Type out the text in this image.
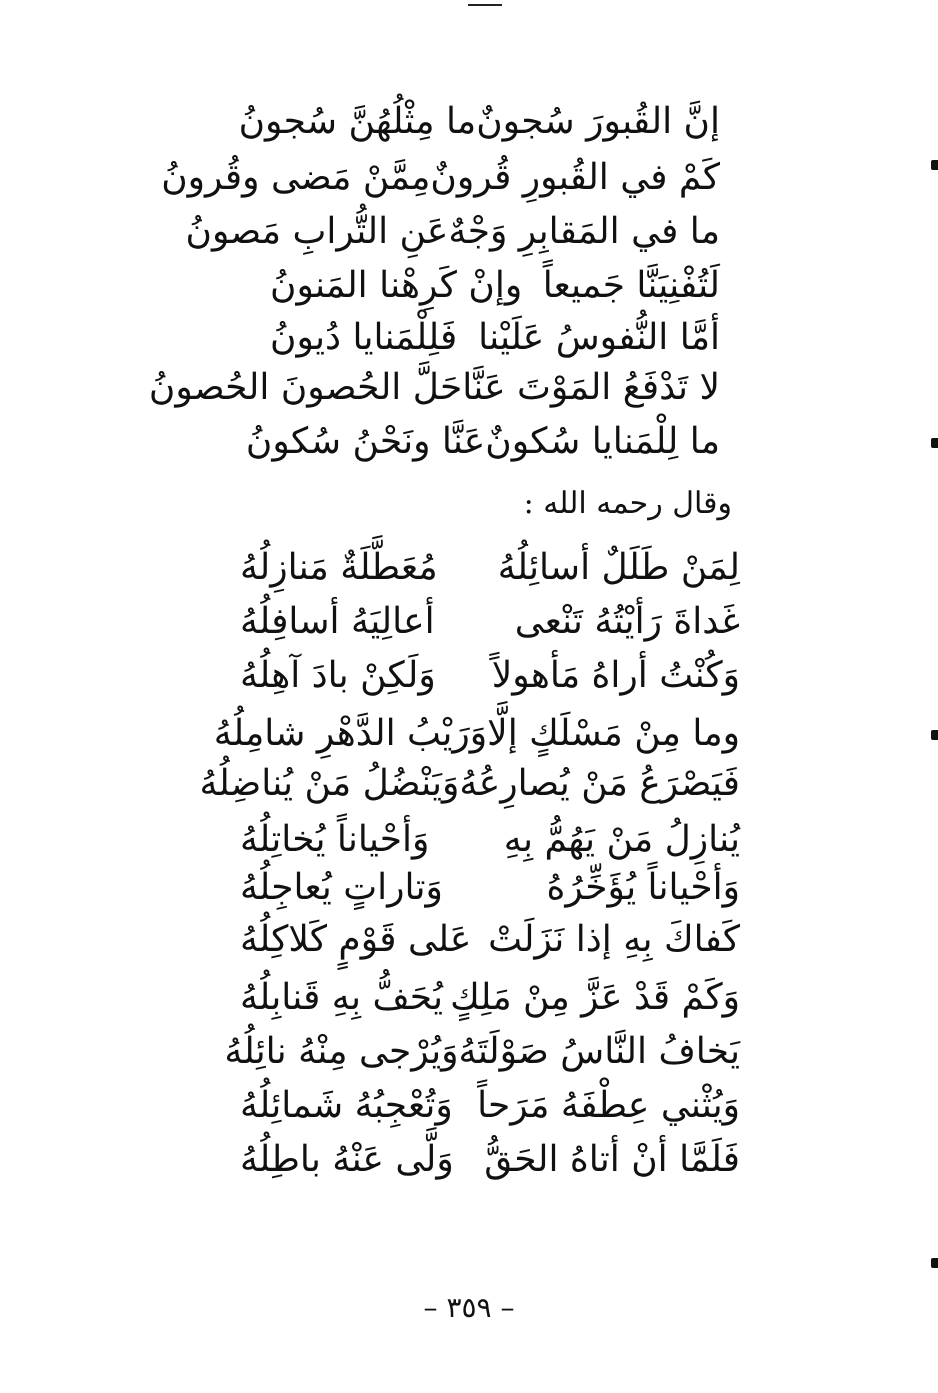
إنَّ القُبورَ سُجونٌ
ما مِثْلُهُنَّ سُجونُ
كَمْ في القُبورِ قُرونٌ
مِمَّنْ مَضى وقُرونُ
ما في المَقابِرِ وَجْهٌ
عَنِ التُّرابِ مَصونُ
لَتُفْنِيَنَّا جَميعاً
وإنْ كَرِهْنا المَنونُ
أمَّا النُّفوسُ عَلَيْنا
فَلِلْمَنايا دُيونُ
لا تَدْفَعُ المَوْتَ عَنَّا
حَلَّ الحُصونَ الحُصونُ
ما لِلْمَنايا سُكونٌ
عَنَّا ونَحْنُ سُكونُ
وقال رحمه الله :
لِمَنْ طَلَلٌ أسائِلُهُ
مُعَطَّلَةٌ مَنازِلُهُ
غَداةَ رَأيْتُهُ تَنْعى
أعالِيَهُ أسافِلُهُ
وَكُنْتُ أراهُ مَأهولاً
وَلَكِنْ بادَ آهِلُهُ
وما مِنْ مَسْلَكٍ إلَّا
وَرَيْبُ الدَّهْرِ شامِلُهُ
فَيَصْرَعُ مَنْ يُصارِعُهُ
وَيَنْضُلُ مَنْ يُناضِلُهُ
يُنازِلُ مَنْ يَهُمُّ بِهِ
وَأحْياناً يُخاتِلُهُ
وَأحْياناً يُؤَخِّرُهُ
وَتاراتٍ يُعاجِلُهُ
كَفاكَ بِهِ إذا نَزَلَتْ
عَلى قَوْمٍ كَلاكِلُهُ
وَكَمْ قَدْ عَزَّ مِنْ مَلِكٍ
يُحَفُّ بِهِ قَنابِلُهُ
يَخافُ النَّاسُ صَوْلَتَهُ
وَيُرْجى مِنْهُ نائِلُهُ
وَيُثْني عِطْفَهُ مَرَحاً
وَتُعْجِبُهُ شَمائِلُهُ
فَلَمَّا أنْ أتاهُ الحَقُّ
وَلَّى عَنْهُ باطِلُهُ
– ٣٥٩ –
